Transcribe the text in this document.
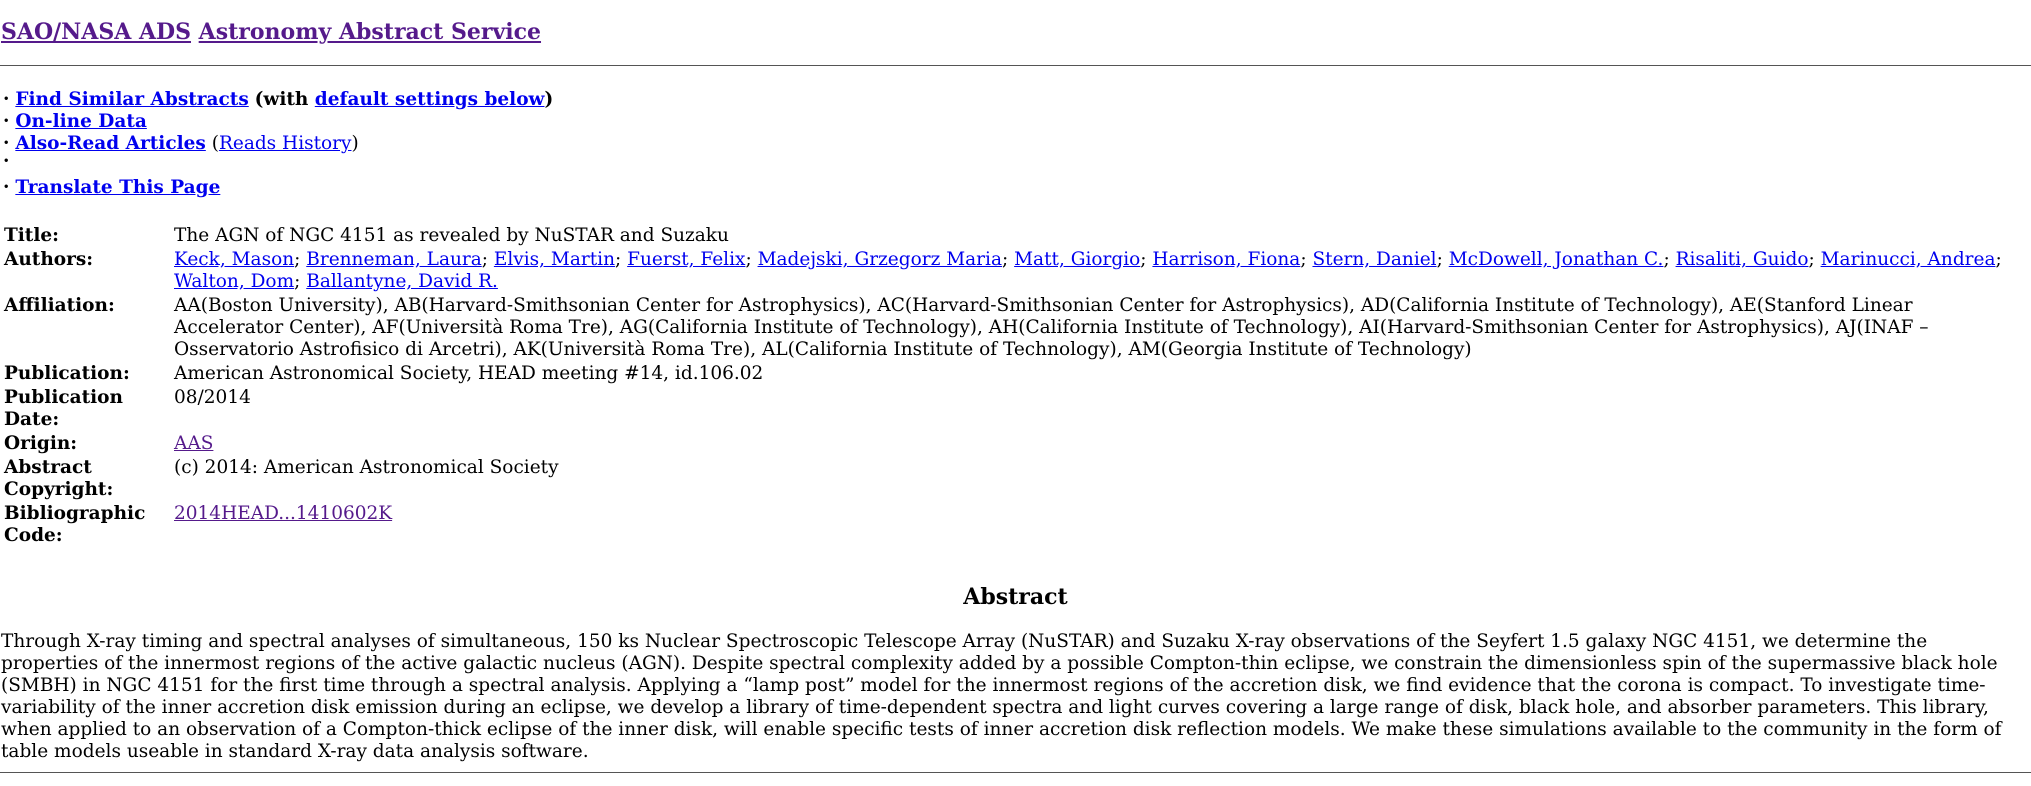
SAO/NASA ADS Astronomy Abstract Service
· Find Similar Abstracts (with default settings below)
· On-line Data
· Also-Read Articles (Reads History)
·
· Translate This Page
Title:	The AGN of NGC 4151 as revealed by NuSTAR and Suzaku
Authors:	Keck, Mason; Brenneman, Laura; Elvis, Martin; Fuerst, Felix; Madejski, Grzegorz Maria; Matt, Giorgio; Harrison, Fiona; Stern, Daniel; McDowell, Jonathan C.; Risaliti, Guido; Marinucci, Andrea;
Walton, Dom; Ballantyne, David R.
Affiliation:	AA(Boston University), AB(Harvard-Smithsonian Center for Astrophysics), AC(Harvard-Smithsonian Center for Astrophysics), AD(California Institute of Technology), AE(Stanford Linear Accelerator Center), AF(Università Roma Tre), AG(California Institute of Technology), AH(California Institute of Technology), AI(Harvard-Smithsonian Center for Astrophysics), AJ(INAF – Osservatorio Astrofisico di Arcetri), AK(Università Roma Tre), AL(California Institute of Technology), AM(Georgia Institute of Technology)
Publication:	American Astronomical Society, HEAD meeting #14, id.106.02
Publication Date:	08/2014
Origin:	AAS
Abstract Copyright:	(c) 2014: American Astronomical Society
Bibliographic Code:	2014HEAD...1410602K
Abstract
Through X-ray timing and spectral analyses of simultaneous, 150 ks Nuclear Spectroscopic Telescope Array (NuSTAR) and Suzaku X-ray observations of the Seyfert 1.5 galaxy NGC 4151, we determine the properties of the innermost regions of the active galactic nucleus (AGN). Despite spectral complexity added by a possible Compton-thin eclipse, we constrain the dimensionless spin of the supermassive black hole (SMBH) in NGC 4151 for the first time through a spectral analysis. Applying a “lamp post” model for the innermost regions of the accretion disk, we find evidence that the corona is compact. To investigate time-variability of the inner accretion disk emission during an eclipse, we develop a library of time-dependent spectra and light curves covering a large range of disk, black hole, and absorber parameters. This library, when applied to an observation of a Compton-thick eclipse of the inner disk, will enable specific tests of inner accretion disk reflection models. We make these simulations available to the community in the form of table models useable in standard X-ray data analysis software.
